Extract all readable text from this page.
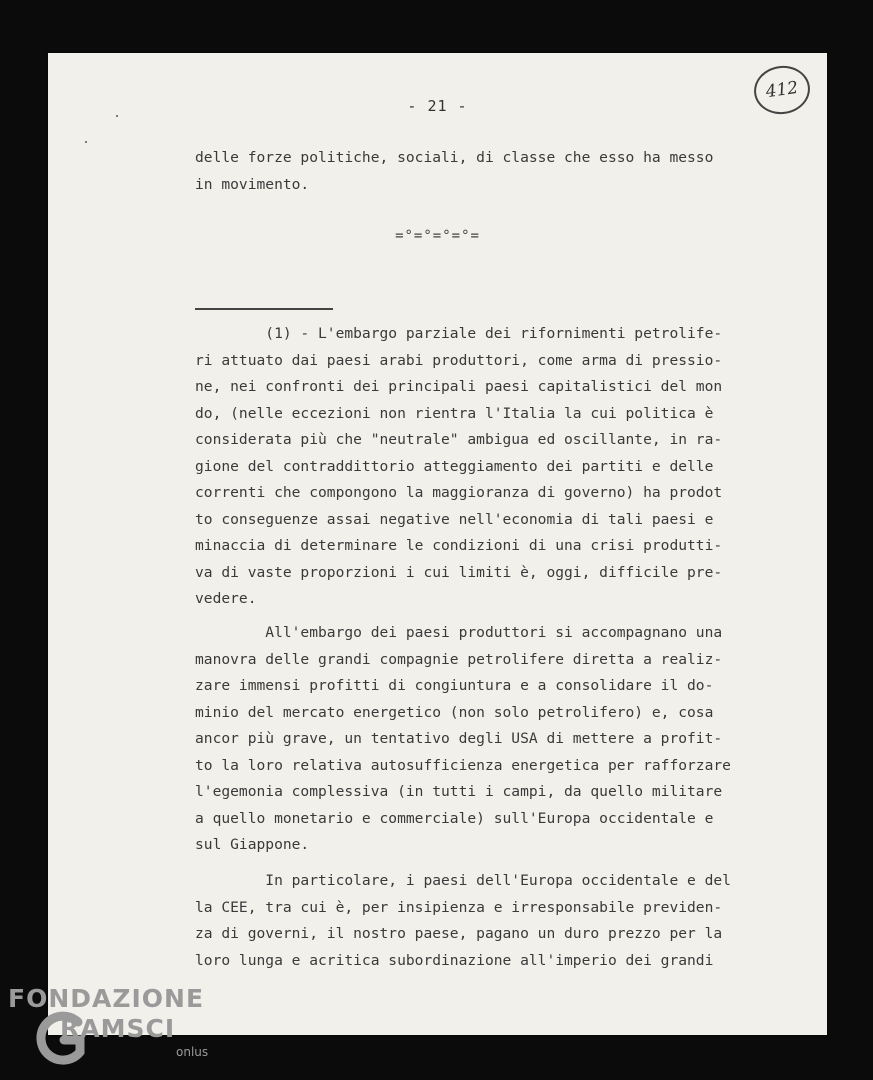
- 21 -
412
delle forze politiche, sociali, di classe che esso ha messo
in movimento.
=°=°=°=°=
(1) - L'embargo parziale dei rifornimenti petrolife-
ri attuato dai paesi arabi produttori, come arma di pressio-
ne, nei confronti dei principali paesi capitalistici del mon
do, (nelle eccezioni non rientra l'Italia la cui politica è
considerata più che "neutrale" ambigua ed oscillante, in ra-
gione del contraddittorio atteggiamento dei partiti e delle
correnti che compongono la maggioranza di governo) ha prodot
to conseguenze assai negative nell'economia di tali paesi e
minaccia di determinare le condizioni di una crisi produtti-
va di vaste proporzioni i cui limiti è, oggi, difficile pre-
vedere.
All'embargo dei paesi produttori si accompagnano una
manovra delle grandi compagnie petrolifere diretta a realiz-
zare immensi profitti di congiuntura e a consolidare il do-
minio del mercato energetico (non solo petrolifero) e, cosa
ancor più grave, un tentativo degli USA di mettere a profit-
to la loro relativa autosufficienza energetica per rafforzare
l'egemonia complessiva (in tutti i campi, da quello militare
a quello monetario e commerciale) sull'Europa occidentale e
sul Giappone.
In particolare, i paesi dell'Europa occidentale e del
la CEE, tra cui è, per insipienza e irresponsabile previden-
za di governi, il nostro paese, pagano un duro prezzo per la
loro lunga e acritica subordinazione all'imperio dei grandi
FONDAZIONE
RAMSCI
onlus
